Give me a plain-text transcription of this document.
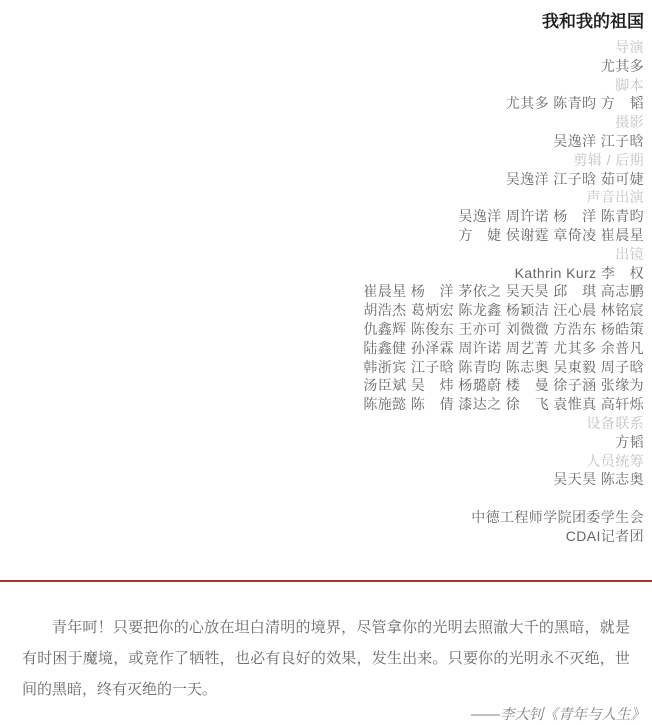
我和我的祖国
导演
尤其多
脚本
尤其多 陈青昀 方　韬
摄影
吴逸洋 江子晗
剪辑 / 后期
吴逸洋 江子晗 茹可婕
声音出演
吴逸洋 周许诺 杨　洋 陈青昀
方　婕 侯谢霆 章倚凌 崔晨星
出镜
Kathrin Kurz 李　权
崔晨星 杨　洋 茅依之 吴天昊 邱　琪 高志鹏
胡浩杰 葛炳宏 陈龙鑫 杨颖洁 汪心晨 林铭宸
仇鑫辉 陈俊东 王亦可 刘微微 方浩东 杨皓策
陆鑫健 孙泽霖 周许诺 周艺菁 尤其多 余普凡
韩浙宾 江子晗 陈青昀 陈志奥 吴東毅 周子晗
汤臣斌 吴　炜 杨璐蔚 楼　曼 徐子涵 张缘为
陈施懿 陈　倩 漆达之 徐　飞 袁惟真 高轩烁
设备联系
方韬
人员统筹
吴天昊 陈志奥
中德工程师学院团委学生会
CDAI记者团

青年呵！只要把你的心放在坦白清明的境界，尽管拿你的光明去照澈大千的黑暗，就是有时困于魔境，或竟作了牺牲，也必有良好的效果，发生出来。只要你的光明永不灭绝，世间的黑暗，终有灭绝的一天。

——李大钊《青年与人生》
